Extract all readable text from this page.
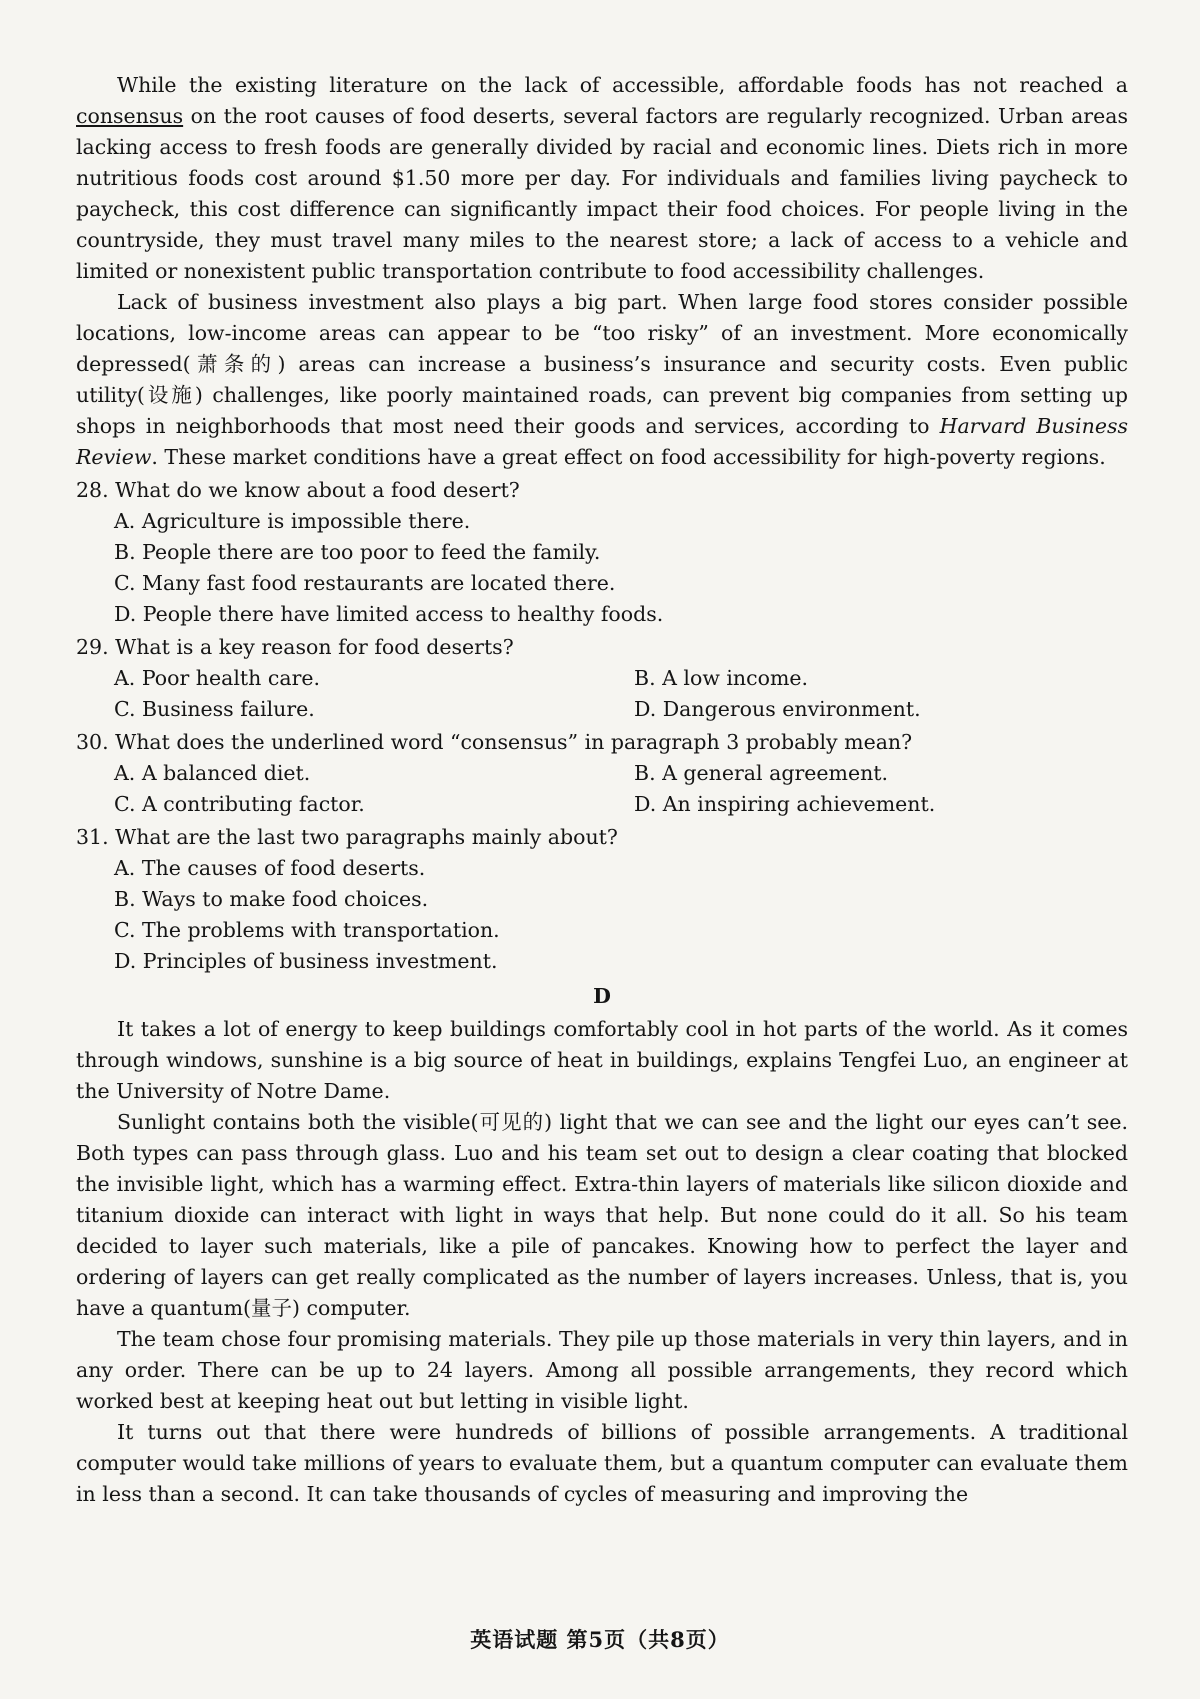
While the existing literature on the lack of accessible, affordable foods has not reached a consensus on the root causes of food deserts, several factors are regularly recognized. Urban areas lacking access to fresh foods are generally divided by racial and economic lines. Diets rich in more nutritious foods cost around $1.50 more per day. For individuals and families living paycheck to paycheck, this cost difference can significantly impact their food choices. For people living in the countryside, they must travel many miles to the nearest store; a lack of access to a vehicle and limited or nonexistent public transportation contribute to food accessibility challenges.

Lack of business investment also plays a big part. When large food stores consider possible locations, low-income areas can appear to be “too risky” of an investment. More economically depressed(萧条的) areas can increase a business’s insurance and security costs. Even public utility(设施) challenges, like poorly maintained roads, can prevent big companies from setting up shops in neighborhoods that most need their goods and services, according to Harvard Business Review. These market conditions have a great effect on food accessibility for high-poverty regions.

28. What do we know about a food desert?

A. Agriculture is impossible there.
B. People there are too poor to feed the family.
C. Many fast food restaurants are located there.
D. People there have limited access to healthy foods.

29. What is a key reason for food deserts?

A. Poor health care.	B. A low income.
C. Business failure.	D. Dangerous environment.

30. What does the underlined word “consensus” in paragraph 3 probably mean?

A. A balanced diet.	B. A general agreement.
C. A contributing factor.	D. An inspiring achievement.

31. What are the last two paragraphs mainly about?

A. The causes of food deserts.
B. Ways to make food choices.
C. The problems with transportation.
D. Principles of business investment.
D

It takes a lot of energy to keep buildings comfortably cool in hot parts of the world. As it comes through windows, sunshine is a big source of heat in buildings, explains Tengfei Luo, an engineer at the University of Notre Dame.

Sunlight contains both the visible(可见的) light that we can see and the light our eyes can’t see. Both types can pass through glass. Luo and his team set out to design a clear coating that blocked the invisible light, which has a warming effect. Extra-thin layers of materials like silicon dioxide and titanium dioxide can interact with light in ways that help. But none could do it all. So his team decided to layer such materials, like a pile of pancakes. Knowing how to perfect the layer and ordering of layers can get really complicated as the number of layers increases. Unless, that is, you have a quantum(量子) computer.

The team chose four promising materials. They pile up those materials in very thin layers, and in any order. There can be up to 24 layers. Among all possible arrangements, they record which worked best at keeping heat out but letting in visible light.

It turns out that there were hundreds of billions of possible arrangements. A traditional computer would take millions of years to evaluate them, but a quantum computer can evaluate them in less than a second. It can take thousands of cycles of measuring and improving the

英语试题 第5页（共8页）
